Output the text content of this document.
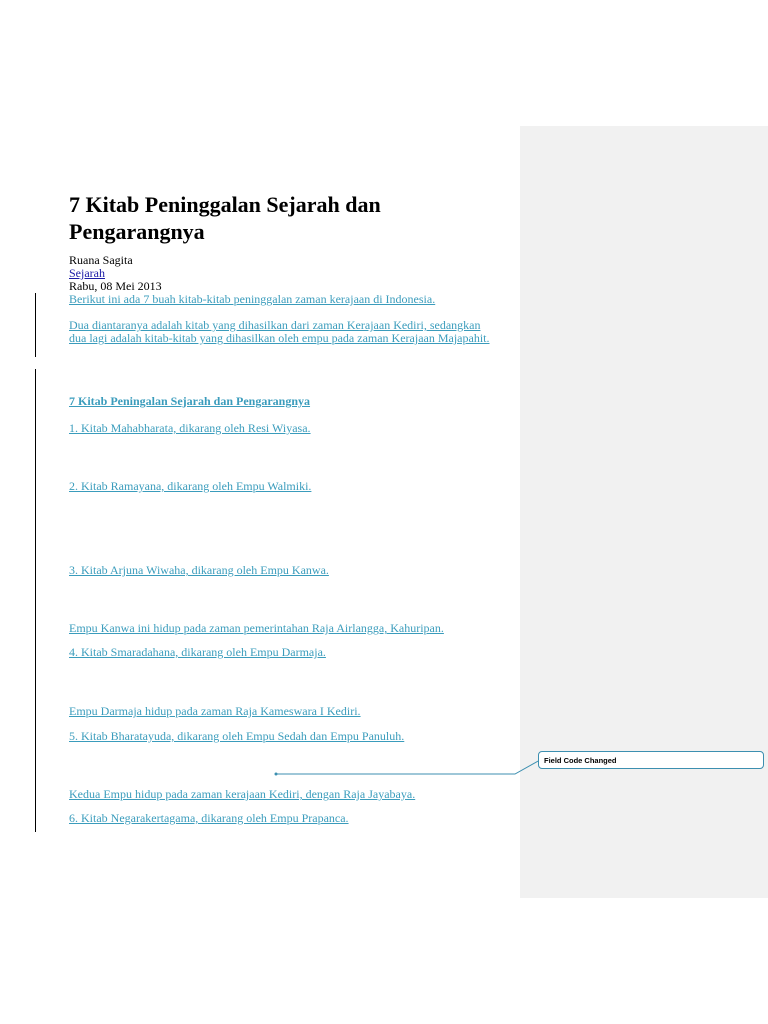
Field Code Changed
7 Kitab Peninggalan Sejarah dan Pengarangnya
Ruana Sagita
Sejarah
Rabu, 08 Mei 2013
Berikut ini ada 7 buah kitab-kitab peninggalan zaman kerajaan di Indonesia.
Dua diantaranya adalah kitab yang dihasilkan dari zaman Kerajaan Kediri, sedangkan dua lagi adalah kitab-kitab yang dihasilkan oleh empu pada zaman Kerajaan Majapahit.
7 Kitab Peningalan Sejarah dan Pengarangnya
1. Kitab Mahabharata, dikarang oleh Resi Wiyasa.
2. Kitab Ramayana, dikarang oleh Empu Walmiki.
3. Kitab Arjuna Wiwaha, dikarang oleh Empu Kanwa.
Empu Kanwa ini hidup pada zaman pemerintahan Raja Airlangga, Kahuripan.
4. Kitab Smaradahana, dikarang oleh Empu Darmaja.
Empu Darmaja hidup pada zaman Raja Kameswara I Kediri.
5. Kitab Bharatayuda, dikarang oleh Empu Sedah dan Empu Panuluh.
Kedua Empu hidup pada zaman kerajaan Kediri, dengan Raja Jayabaya.
6. Kitab Negarakertagama, dikarang oleh Empu Prapanca.
